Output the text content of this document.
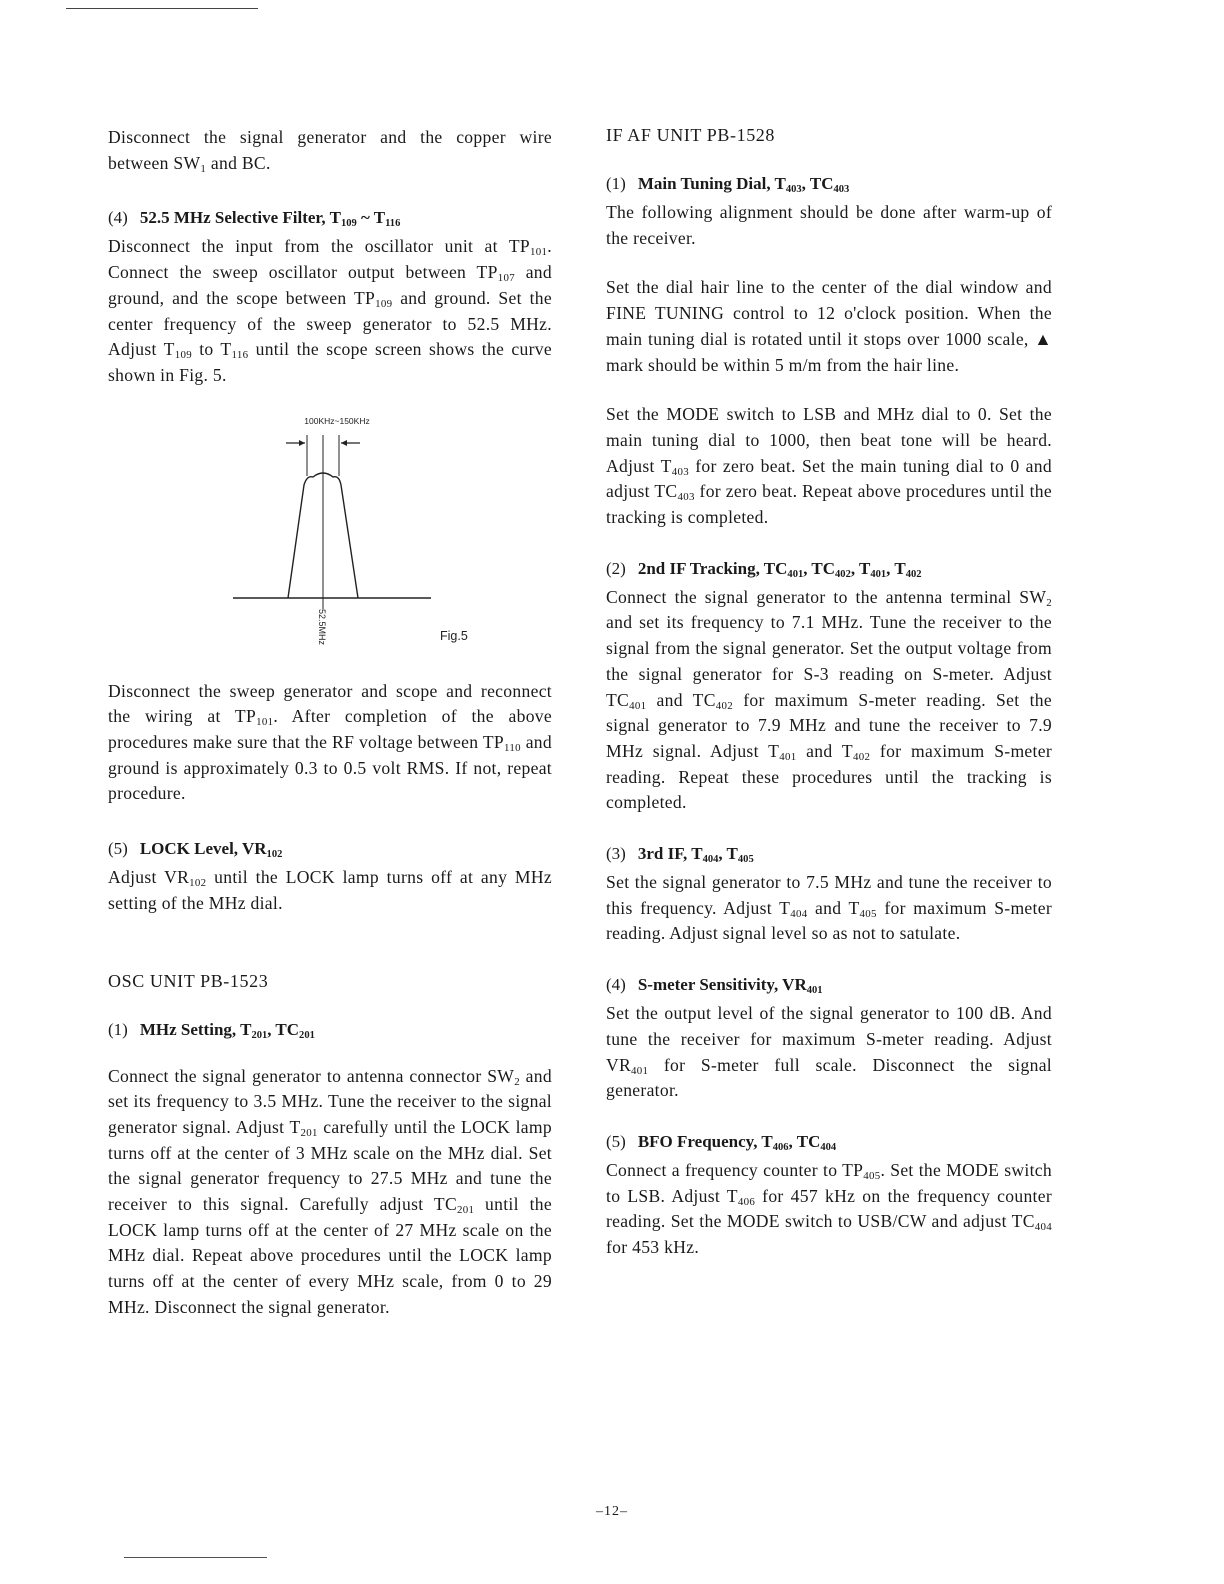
Disconnect the signal generator and the copper wire between $SW_1$ and BC.

(4) 52.5 MHz Selective Filter, $T_{109}$ ~ $T_{116}$

Disconnect the input from the oscillator unit at $TP_{101}$. Connect the sweep oscillator output between $TP_{107}$ and ground, and the scope between $TP_{109}$ and ground. Set the center frequency of the sweep generator to 52.5 MHz. Adjust $T_{109}$ to $T_{116}$ until the scope screen shows the curve shown in Fig. 5.

100KHz~150KHz
52.5MHz	Fig.5

Disconnect the sweep generator and scope and reconnect the wiring at $TP_{101}$. After completion of the above procedures make sure that the RF voltage between $TP_{110}$ and ground is approximately 0.3 to 0.5 volt RMS. If not, repeat procedure.

(5) LOCK Level, $VR_{102}$

Adjust $VR_{102}$ until the LOCK lamp turns off at any MHz setting of the MHz dial.

OSC UNIT PB-1523
(1) MHz Setting, $T_{201}$, $TC_{201}$

Connect the signal generator to antenna connector $SW_2$ and set its frequency to 3.5 MHz. Tune the receiver to the signal generator signal. Adjust $T_{201}$ carefully until the LOCK lamp turns off at the center of 3 MHz scale on the MHz dial. Set the signal generator frequency to 27.5 MHz and tune the receiver to this signal. Carefully adjust $TC_{201}$ until the LOCK lamp turns off at the center of 27 MHz scale on the MHz dial. Repeat above procedures until the LOCK lamp turns off at the center of every MHz scale, from 0 to 29 MHz. Disconnect the signal generator.

IF AF UNIT PB-1528
(1) Main Tuning Dial, $T_{403}$, $TC_{403}$

The following alignment should be done after warm-up of the receiver.

Set the dial hair line to the center of the dial window and FINE TUNING control to 12 o'clock position. When the main tuning dial is rotated until it stops over 1000 scale, ▲ mark should be within 5 m/m from the hair line.

Set the MODE switch to LSB and MHz dial to 0. Set the main tuning dial to 1000, then beat tone will be heard. Adjust $T_{403}$ for zero beat. Set the main tuning dial to 0 and adjust $TC_{403}$ for zero beat. Repeat above procedures until the tracking is completed.

(2) 2nd IF Tracking, $TC_{401}$, $TC_{402}$, $T_{401}$, $T_{402}$

Connect the signal generator to the antenna terminal $SW_2$ and set its frequency to 7.1 MHz. Tune the receiver to the signal from the signal generator. Set the output voltage from the signal generator for S-3 reading on S-meter. Adjust $TC_{401}$ and $TC_{402}$ for maximum S-meter reading. Set the signal generator to 7.9 MHz and tune the receiver to 7.9 MHz signal. Adjust $T_{401}$ and $T_{402}$ for maximum S-meter reading. Repeat these procedures until the tracking is completed.

(3) 3rd IF, $T_{404}$, $T_{405}$

Set the signal generator to 7.5 MHz and tune the receiver to this frequency. Adjust $T_{404}$ and $T_{405}$ for maximum S-meter reading. Adjust signal level so as not to satulate.

(4) S-meter Sensitivity, $VR_{401}$

Set the output level of the signal generator to 100 dB. And tune the receiver for maximum S-meter reading. Adjust $VR_{401}$ for S-meter full scale. Disconnect the signal generator.

(5) BFO Frequency, $T_{406}$, $TC_{404}$

Connect a frequency counter to $TP_{405}$. Set the MODE switch to LSB. Adjust $T_{406}$ for 457 kHz on the frequency counter reading. Set the MODE switch to USB/CW and adjust $TC_{404}$ for 453 kHz.

–12–
